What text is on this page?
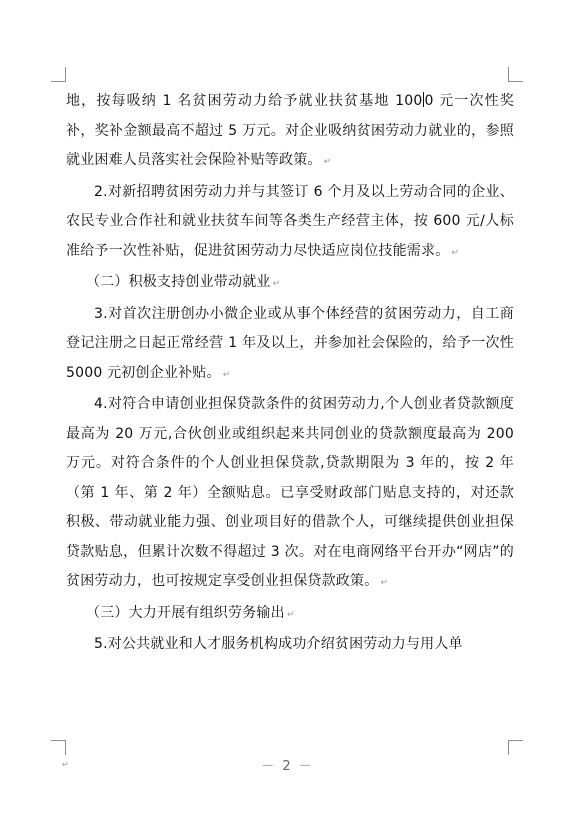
地，按每吸纳 1 名贫困劳动力给予就业扶贫基地 100 0 元一次性奖补，奖补金额最高不超过 5 万元。对企业吸纳贫困劳动力就业的，参照就业困难人员落实社会保险补贴等政策。 ↵

2.对新招聘贫困劳动力并与其签订 6 个月及以上劳动合同的企业、农民专业合作社和就业扶贫车间等各类生产经营主体，按 600 元/人标准给予一次性补贴，促进贫困劳动力尽快适应岗位技能需求。 ↵

（二）积极支持创业带动就业 ↵

3.对首次注册创办小微企业或从事个体经营的贫困劳动力，自工商登记注册之日起正常经营 1 年及以上，并参加社会保险的，给予一次性 5000 元初创企业补贴。 ↵

4.对符合申请创业担保贷款条件的贫困劳动力,个人创业者贷款额度最高为 20 万元,合伙创业或组织起来共同创业的贷款额度最高为 200 万元。对符合条件的个人创业担保贷款,贷款期限为 3 年的，按 2 年（第 1 年、第 2 年）全额贴息。已享受财政部门贴息支持的，对还款积极、带动就业能力强、创业项目好的借款个人，可继续提供创业担保贷款贴息，但累计次数不得超过 3 次。对在电商网络平台开办“网店”的贫困劳动力，也可按规定享受创业担保贷款政策。 ↵

（三）大力开展有组织劳务输出 ↵

5.对公共就业和人才服务机构成功介绍贫困劳动力与用人单

↵	－ 2 －
